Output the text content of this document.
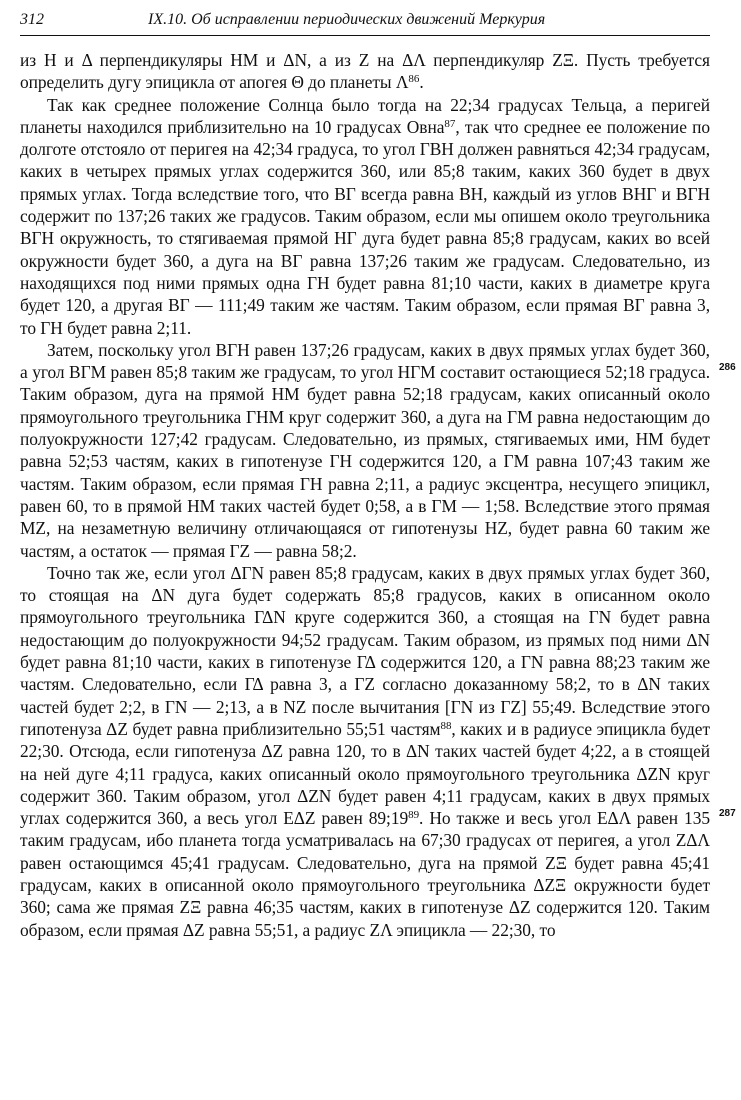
312	IX.10. Об исправлении периодических движений Меркурия

из Η и Δ перпендикуляры НМ и ΔΝ, а из Ζ на ΔΛ перпендикуляр ΖΞ. Пусть требуется определить дугу эпицикла от апогея Θ до планеты $\Lambda^{86}$.

Так как среднее положение Солнца было тогда на 22;34 градусах Тельца, а перигей планеты находился приблизительно на 10 градусах Овна$^{87}$, так что среднее ее положение по долготе отстояло от перигея на 42;34 градуса, то угол ΓΒΗ должен равняться 42;34 градусам, каких в четырех прямых углах содержится 360, или 85;8 таким, каких 360 будет в двух прямых углах. Тогда вследствие того, что ΒΓ всегда равна ΒΗ, каждый из углов ΒΗΓ и ΒΓΗ содержит по 137;26 таких же градусов. Таким образом, если мы опишем около треугольника ΒΓΗ окружность, то стягиваемая прямой ΗΓ дуга будет равна 85;8 градусам, каких во всей окружности будет 360, а дуга на ΒΓ равна 137;26 таким же градусам. Следовательно, из находящихся под ними прямых одна ΓΗ будет равна 81;10 части, каких в диаметре круга будет 120, а другая ΒΓ — 111;49 таким же частям. Таким образом, если прямая ΒΓ равна 3, то ΓΗ будет равна 2;11.

Затем, поскольку угол ΒΓΗ равен 137;26 градусам, каких в двух прямых углах будет 360, а угол ΒΓΜ равен 85;8 таким же градусам, то угол ΗΓΜ составит остающиеся 52;18 градуса. Таким образом, дуга на прямой НМ будет равна 52;18 градусам, каких описанный около прямоугольного треугольника ΓΗΜ круг содержит 360, а дуга на ΓΜ равна недостающим до полуокружности 127;42 градусам. Следовательно, из прямых, стягиваемых ими, НМ будет равна 52;53 частям, каких в гипотенузе ΓΗ содержится 120, а ΓΜ равна 107;43 таким же частям. Таким образом, если прямая ΓΗ равна 2;11, а радиус эксцентра, несущего эпицикл, равен 60, то в прямой НМ таких частей будет 0;58, а в ΓΜ — 1;58. Вследствие этого прямая ΜΖ, на незаметную величину отличающаяся от гипотенузы ΗΖ, будет равна 60 таким же частям, а остаток — прямая ΓΖ — равна 58;2.

Точно так же, если угол ΔΓΝ равен 85;8 градусам, каких в двух прямых углах будет 360, то стоящая на ΔΝ дуга будет содержать 85;8 градусов, каких в описанном около прямоугольного треугольника ΓΔΝ круге содержится 360, а стоящая на ΓΝ будет равна недостающим до полуокружности 94;52 градусам. Таким образом, из прямых под ними ΔΝ будет равна 81;10 части, каких в гипотенузе ΓΔ содержится 120, а ΓΝ равна 88;23 таким же частям. Следовательно, если ΓΔ равна 3, а ΓΖ согласно доказанному 58;2, то в ΔΝ таких частей будет 2;2, в ΓΝ — 2;13, а в ΝΖ после вычитания [ΓΝ из ΓΖ] 55;49. Вследствие этого гипотенуза ΔΖ будет равна приблизительно 55;51 частям$^{88}$, каких и в радиусе эпицикла будет 22;30. Отсюда, если гипотенуза ΔΖ равна 120, то в ΔΝ таких частей будет 4;22, а в стоящей на ней дуге 4;11 градуса, каких описанный около прямоугольного треугольника ΔΖΝ круг содержит 360. Таким образом, угол ΔΖΝ будет равен 4;11 градусам, каких в двух прямых углах содержится 360, а весь угол ΕΔΖ равен $89;19^{89}$. Но также и весь угол ΕΔΛ равен 135 таким градусам, ибо планета тогда усматривалась на 67;30 градусах от перигея, а угол ΖΔΛ равен остающимся 45;41 градусам. Следовательно, дуга на прямой ΖΞ будет равна 45;41 градусам, каких в описанной около прямоугольного треугольника ΔΖΞ окружности будет 360; сама же прямая ΖΞ равна 46;35 частям, каких в гипотенузе ΔΖ содержится 120. Таким образом, если прямая ΔΖ равна 55;51, а радиус ΖΛ эпицикла — 22;30, то

286
287
